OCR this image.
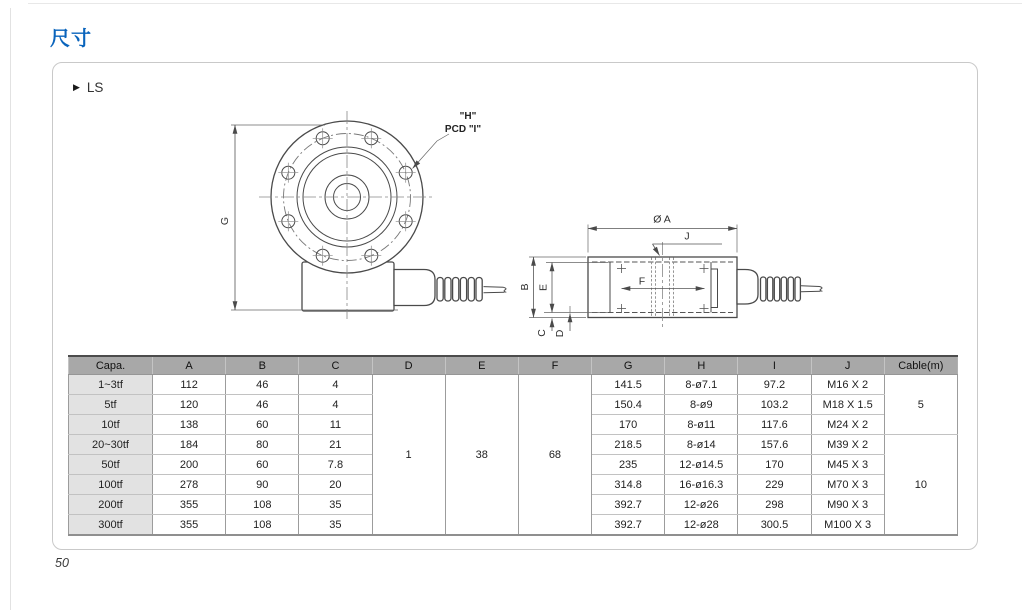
尺寸
▶ LS
G
"H"
PCD "I"
F
Ø A
J
B E
C D
Capa.	A	B	C	D	E	F	G	H	I	J	Cable(m)
1~3tf	112	46	4	1	38	68	141.5	8-ø7.1	97.2	M16 X 2	5
5tf	120	46	4				150.4	8-ø9	103.2	M18 X 1.5	
10tf	138	60	11				170	8-ø11	117.6	M24 X 2	
20~30tf	184	80	21				218.5	8-ø14	157.6	M39 X 2	10
50tf	200	60	7.8				235	12-ø14.5	170	M45 X 3	
100tf	278	90	20				314.8	16-ø16.3	229	M70 X 3	
200tf	355	108	35				392.7	12-ø26	298	M90 X 3	
300tf	355	108	35				392.7	12-ø28	300.5	M100 X 3	
50
